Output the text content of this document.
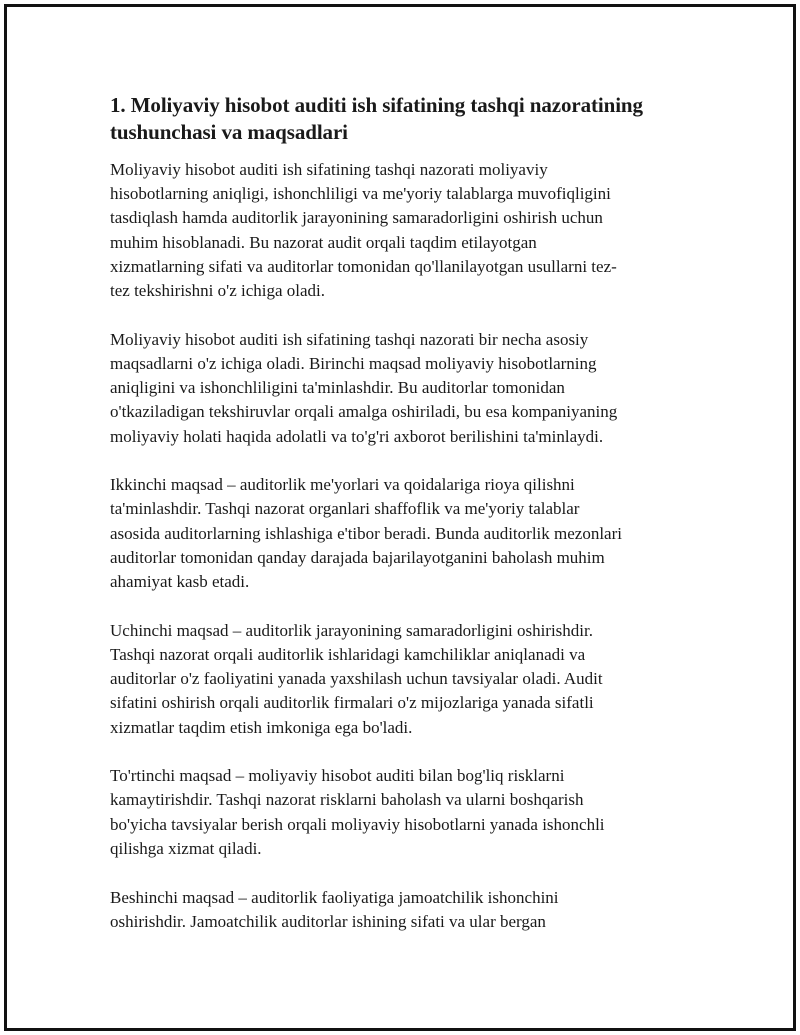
1. Moliyaviy hisobot auditi ish sifatining tashqi nazoratining
tushunchasi va maqsadlari
Moliyaviy hisobot auditi ish sifatining tashqi nazorati moliyaviy
hisobotlarning aniqligi, ishonchliligi va me'yoriy talablarga muvofiqligini
tasdiqlash hamda auditorlik jarayonining samaradorligini oshirish uchun
muhim hisoblanadi. Bu nazorat audit orqali taqdim etilayotgan
xizmatlarning sifati va auditorlar tomonidan qo'llanilayotgan usullarni tez-
tez tekshirishni o'z ichiga oladi.
Moliyaviy hisobot auditi ish sifatining tashqi nazorati bir necha asosiy
maqsadlarni o'z ichiga oladi. Birinchi maqsad moliyaviy hisobotlarning
aniqligini va ishonchliligini ta'minlashdir. Bu auditorlar tomonidan
o'tkaziladigan tekshiruvlar orqali amalga oshiriladi, bu esa kompaniyaning
moliyaviy holati haqida adolatli va to'g'ri axborot berilishini ta'minlaydi.
Ikkinchi maqsad – auditorlik me'yorlari va qoidalariga rioya qilishni
ta'minlashdir. Tashqi nazorat organlari shaffoflik va me'yoriy talablar
asosida auditorlarning ishlashiga e'tibor beradi. Bunda auditorlik mezonlari
auditorlar tomonidan qanday darajada bajarilayotganini baholash muhim
ahamiyat kasb etadi.
Uchinchi maqsad – auditorlik jarayonining samaradorligini oshirishdir.
Tashqi nazorat orqali auditorlik ishlaridagi kamchiliklar aniqlanadi va
auditorlar o'z faoliyatini yanada yaxshilash uchun tavsiyalar oladi. Audit
sifatini oshirish orqali auditorlik firmalari o'z mijozlariga yanada sifatli
xizmatlar taqdim etish imkoniga ega bo'ladi.
To'rtinchi maqsad – moliyaviy hisobot auditi bilan bog'liq risklarni
kamaytirishdir. Tashqi nazorat risklarni baholash va ularni boshqarish
bo'yicha tavsiyalar berish orqali moliyaviy hisobotlarni yanada ishonchli
qilishga xizmat qiladi.
Beshinchi maqsad – auditorlik faoliyatiga jamoatchilik ishonchini
oshirishdir. Jamoatchilik auditorlar ishining sifati va ular bergan
